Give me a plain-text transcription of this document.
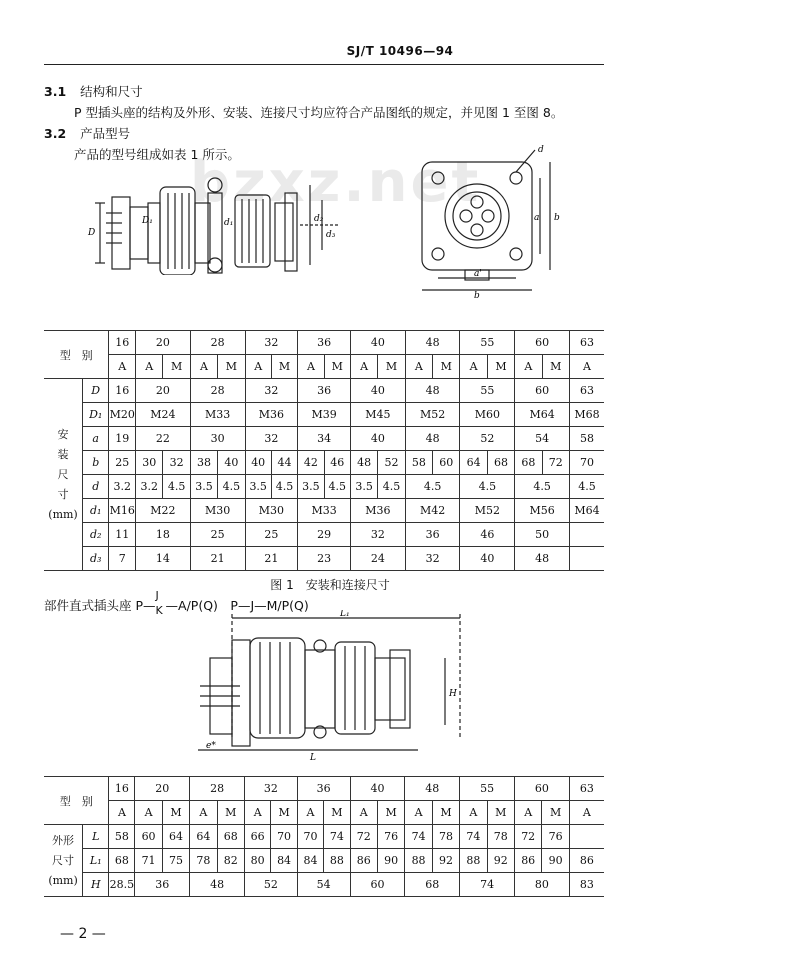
SJ/T 10496—94
bzxz.net
3.1 结构和尺寸
P 型插头座的结构及外形、安装、连接尺寸均应符合产品图纸的规定，并见图 1 至图 8。
3.2 产品型号
产品的型号组成如表 1 所示。
D
D₁	d₁	d₂
d₃
d
a b
a'
b
型　别		16	20		28		32		36		40		48		55		60		63
		A	A	M	A	M	A	M	A	M	A	M	A	M	A	M	A	M	A
安
装
尺
寸
(mm)	D	16	20		28		32		36		40		48		55		60		63
	D₁	M20	M24		M33		M36		M39		M45		M52		M60		M64		M68
	a	19	22		30		32		34		40		48		52		54		58
	b	25	30	32	38	40	40	44	42	46	48	52	58	60	64	68	68	72	70
	d	3.2	3.2	4.5	3.5	4.5	3.5	4.5	3.5	4.5	3.5	4.5	4.5		4.5		4.5		4.5
	d₁	M16	M22		M30		M30		M33		M36		M42		M52		M56		M64
	d₂	11	18		25		25		29		32		36		46		50		
	d₃	7	14		21		21		23		24		32		40		48		
图 1　安装和连接尺寸
部件直式插头座 P—
J
K —A/P(Q)　P—J—M/P(Q)
L₁
L
e*
H
型　别		16	20		28		32		36		40		48		55		60		63
		A	A	M	A	M	A	M	A	M	A	M	A	M	A	M	A	M	A
外形
尺寸
(mm)	L	58	60	64	64	68	66	70	70	74	72	76	74	78	74	78	72	76	
	L₁	68	71	75	78	82	80	84	84	88	86	90	88	92	88	92	86	90	86
	H	28.5	36		48		52		54		60		68		74		80		83
— 2 —
